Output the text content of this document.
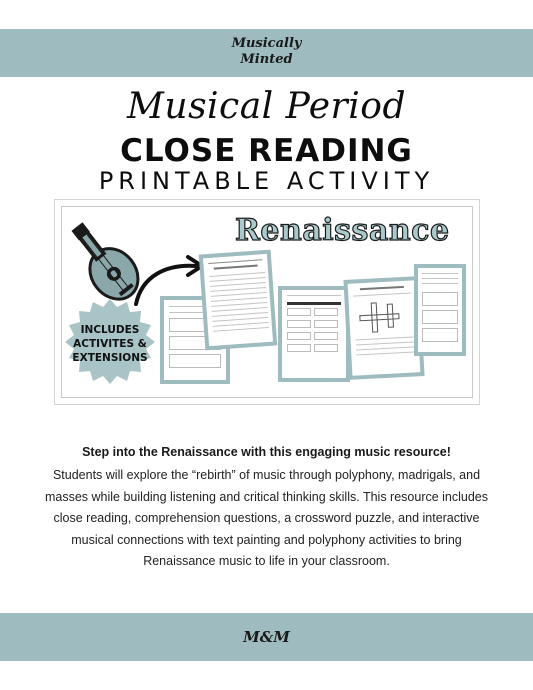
Musically
Minted
Musical Period
CLOSE READING
PRINTABLE ACTIVITY
Renaissance
INCLUDES
ACTIVITES &
EXTENSIONS
Step into the Renaissance with this engaging music resource!
Students will explore the “rebirth” of music through polyphony, madrigals, and masses while building listening and critical thinking skills. This resource includes close reading, comprehension questions, a crossword puzzle, and interactive musical connections with text painting and polyphony activities to bring Renaissance music to life in your classroom.
M&M
